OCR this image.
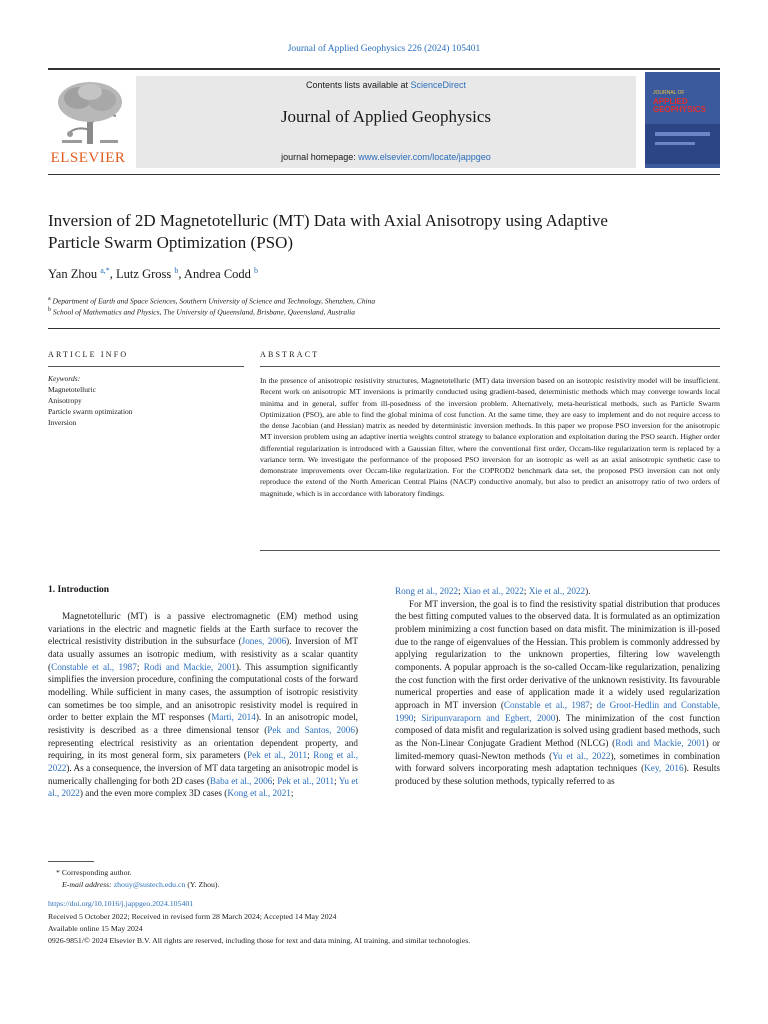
Journal of Applied Geophysics 226 (2024) 105401
ELSEVIER
Contents lists available at ScienceDirect
Journal of Applied Geophysics
journal homepage: www.elsevier.com/locate/jappgeo
JOURNAL OF
APPLIED
GEOPHYSICS
Inversion of 2D Magnetotelluric (MT) Data with Axial Anisotropy using Adaptive Particle Swarm Optimization (PSO)
Yan Zhou $^{a,*}$, Lutz Gross $^b$, Andrea Codd $^b$
$^a$ Department of Earth and Space Sciences, Southern University of Science and Technology, Shenzhen, China
$^b$ School of Mathematics and Physics, The University of Queensland, Brisbane, Queensland, Australia
ARTICLE INFO	ABSTRACT
Keywords:
Magnetotelluric
Anisotropy
Particle swarm optimization
Inversion
In the presence of anisotropic resistivity structures, Magnetotelluric (MT) data inversion based on an isotropic resistivity model will be insufficient. Recent work on anisotropic MT inversions is primarily conducted using gradient-based, deterministic methods which may converge towards local minima and in general, suffer from ill-posedness of the inversion problem. Alternatively, meta-heuristical methods, such as Particle Swarm Optimization (PSO), are able to find the global minima of cost function. At the same time, they are easy to implement and do not require access to the dense Jacobian (and Hessian) matrix as needed by deterministic inversion methods. In this paper we propose PSO inversion for the anisotropic MT inversion problem using an adaptive inertia weights control strategy to balance exploration and exploitation during the PSO search. Higher order differential regularization is introduced with a Gaussian filter, where the conventional first order, Occam-like regularization term is replaced by a variance term. We investigate the performance of the proposed PSO inversion for an isotropic as well as an axial anisotropic synthetic case to demonstrate improvements over Occam-like regularization. For the COPROD2 benchmark data set, the proposed PSO inversion can not only reproduce the extend of the North American Central Plains (NACP) conductive anomaly, but also to predict an anisotropy ratio of two orders of magnitude, which is in accordance with laboratory findings.
1. Introduction

Magnetotelluric (MT) is a passive electromagnetic (EM) method using variations in the electric and magnetic fields at the Earth surface to recover the electrical resistivity distribution in the subsurface (Jones, 2006). Inversion of MT data usually assumes an isotropic medium, with resistivity as a scalar quantity (Constable et al., 1987; Rodi and Mackie, 2001). This assumption significantly simplifies the inversion procedure, confining the computational costs of the forward modelling. While sufficient in many cases, the assumption of isotropic resistivity can sometimes be too simple, and an anisotropic resistivity model is required in order to better explain the MT responses (Marti, 2014). In an anisotropic model, resistivity is described as a three dimensional tensor (Pek and Santos, 2006) representing electrical resistivity as an orientation dependent property, and requiring, in its most general form, six parameters (Pek et al., 2011; Rong et al., 2022). As a consequence, the inversion of MT data targeting an anisotropic model is numerically challenging for both 2D cases (Baba et al., 2006; Pek et al., 2011; Yu et al., 2022) and the even more complex 3D cases (Kong et al., 2021;

Rong et al., 2022; Xiao et al., 2022; Xie et al., 2022).

For MT inversion, the goal is to find the resistivity spatial distribution that produces the best fitting computed values to the observed data. It is formulated as an optimization problem minimizing a cost function based on data misfit. The minimization is ill-posed due to the range of eigenvalues of the Hessian. This problem is commonly addressed by applying regularization to the unknown properties, filtering low wavelength components. A popular approach is the so-called Occam-like regularization, penalizing the cost function with the first order derivative of the unknown resistivity. Its favourable numerical properties and ease of application made it a widely used regularization approach in MT inversion (Constable et al., 1987; de Groot-Hedlin and Constable, 1990; Siripunvaraporn and Egbert, 2000). The minimization of the cost function composed of data misfit and regularization is solved using gradient based methods, such as the Non-Linear Conjugate Gradient Method (NLCG) (Rodi and Mackie, 2001) or limited-memory quasi-Newton methods (Yu et al., 2022), sometimes in combination with forward solvers incorporating mesh adaptation techniques (Key, 2016). Results produced by these solution methods, typically referred to as

* Corresponding author.
E-mail address: zhouy@sustech.edu.cn (Y. Zhou).
https://doi.org/10.1016/j.jappgeo.2024.105401
Received 5 October 2022; Received in revised form 28 March 2024; Accepted 14 May 2024
Available online 15 May 2024
0926-9851/© 2024 Elsevier B.V. All rights are reserved, including those for text and data mining, AI training, and similar technologies.
